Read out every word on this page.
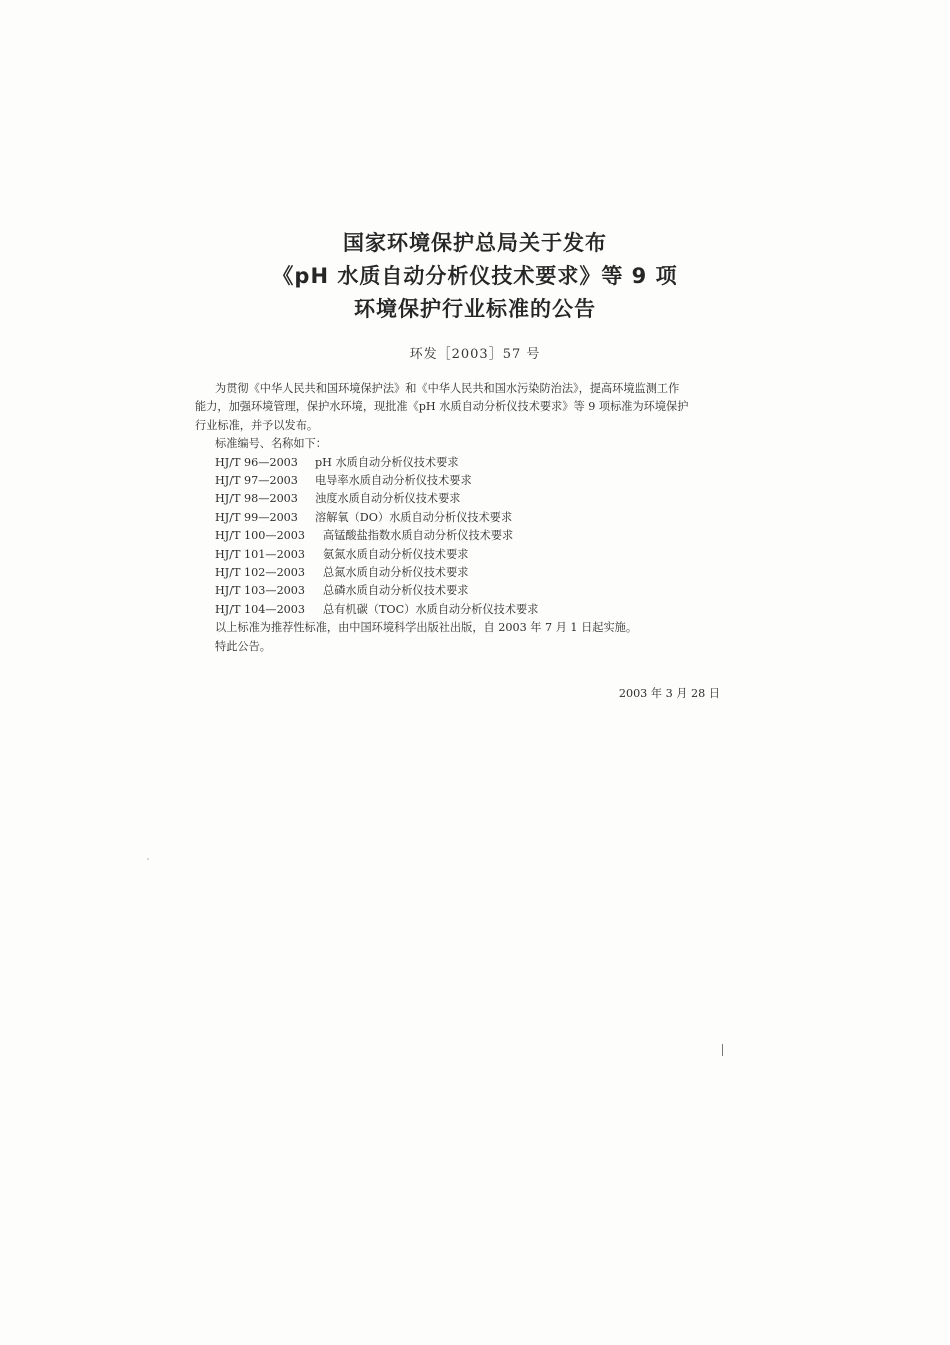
国家环境保护总局关于发布
《pH 水质自动分析仪技术要求》等 9 项
环境保护行业标准的公告
环发［2003］57 号

为贯彻《中华人民共和国环境保护法》和《中华人民共和国水污染防治法》，提高环境监测工作

能力，加强环境管理，保护水环境，现批准《pH 水质自动分析仪技术要求》等 9 项标准为环境保护

行业标准，并予以发布。

标准编号、名称如下：

HJ/T 96—2003	pH 水质自动分析仪技术要求
HJ/T 97—2003	电导率水质自动分析仪技术要求
HJ/T 98—2003	浊度水质自动分析仪技术要求
HJ/T 99—2003	溶解氧（DO）水质自动分析仪技术要求
HJ/T 100—2003	高锰酸盐指数水质自动分析仪技术要求
HJ/T 101—2003	氨氮水质自动分析仪技术要求
HJ/T 102—2003	总氮水质自动分析仪技术要求
HJ/T 103—2003	总磷水质自动分析仪技术要求
HJ/T 104—2003	总有机碳（TOC）水质自动分析仪技术要求

以上标准为推荐性标准，由中国环境科学出版社出版，自 2003 年 7 月 1 日起实施。

特此公告。

2003 年 3 月 28 日
